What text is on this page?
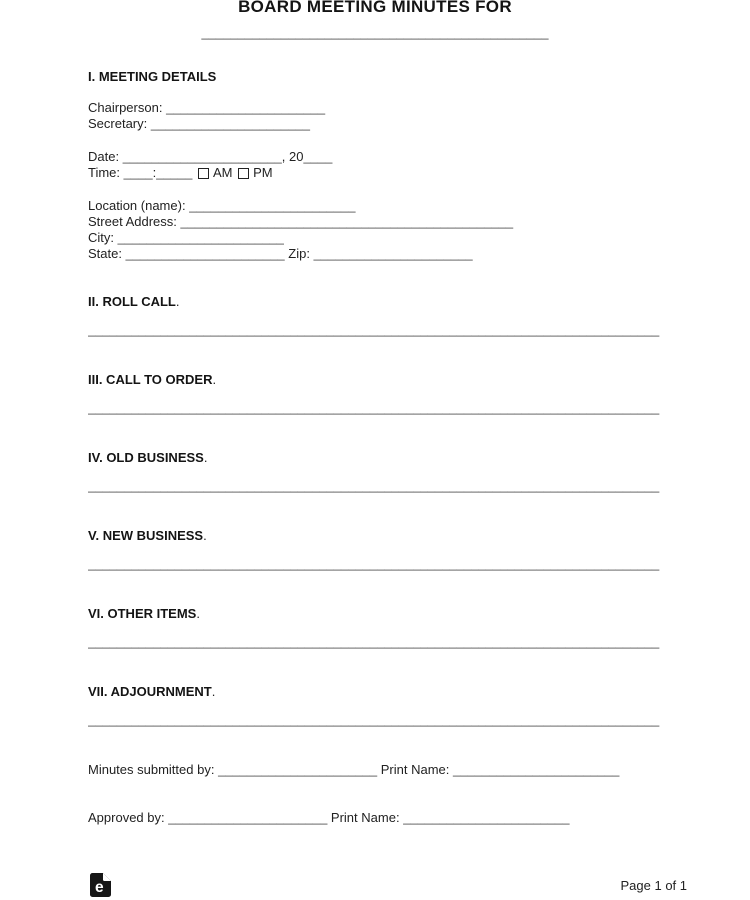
BOARD MEETING MINUTES FOR
________________________________________________
I. MEETING DETAILS

Chairperson: ______________________

Secretary: ______________________

Date: ______________________, 20____

Time: ____:_____ AM PM

Location (name): _______________________

Street Address: ______________________________________________

City: _______________________

State: ______________________ Zip: ______________________

II. ROLL CALL.

_______________________________________________________________________________

III. CALL TO ORDER.

_______________________________________________________________________________

IV. OLD BUSINESS.

_______________________________________________________________________________

V. NEW BUSINESS.

_______________________________________________________________________________

VI. OTHER ITEMS.

_______________________________________________________________________________

VII. ADJOURNMENT.

_______________________________________________________________________________

Minutes submitted by: ______________________ Print Name: _______________________

Approved by: ______________________ Print Name: _______________________

e	Page 1 of 1
